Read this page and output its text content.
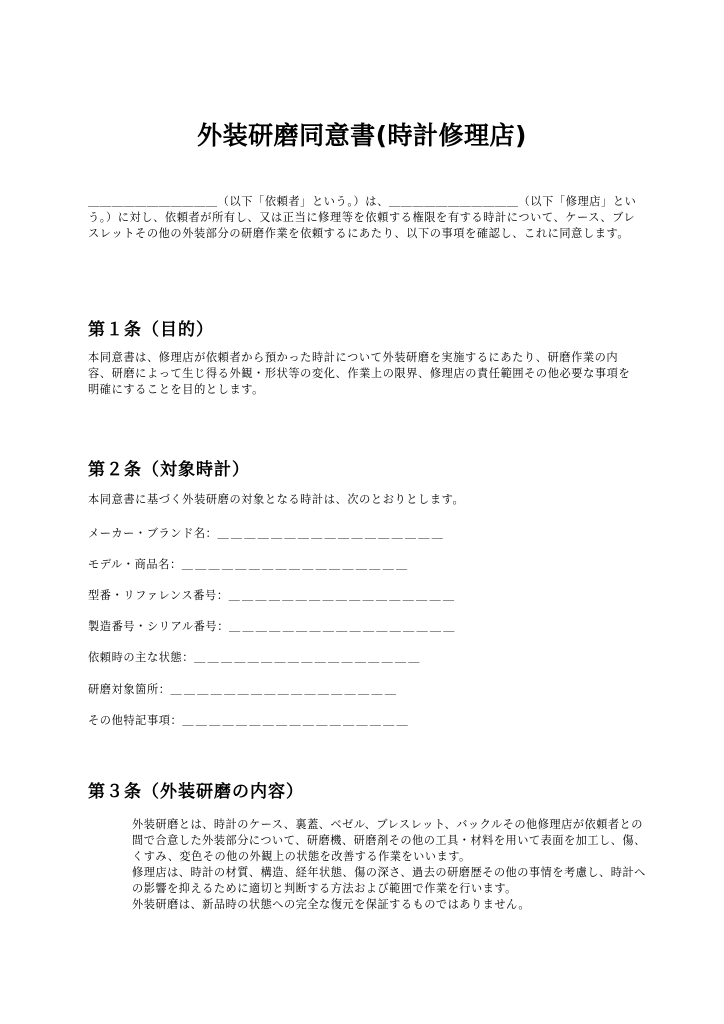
外装研磨同意書(時計修理店)

＿＿＿＿＿＿＿＿＿＿＿（以下「依頼者」という。）は、＿＿＿＿＿＿＿＿＿＿＿（以下「修理店」という。）に対し、依頼者が所有し、又は正当に修理等を依頼する権限を有する時計について、ケース、ブレスレットその他の外装部分の研磨作業を依頼するにあたり、以下の事項を確認し、これに同意します。

第１条（目的）

本同意書は、修理店が依頼者から預かった時計について外装研磨を実施するにあたり、研磨作業の内容、研磨によって生じ得る外観・形状等の変化、作業上の限界、修理店の責任範囲その他必要な事項を明確にすることを目的とします。

第２条（対象時計）

本同意書に基づく外装研磨の対象となる時計は、次のとおりとします。

メーカー・ブランド名：＿＿＿＿＿＿＿＿＿＿＿＿＿＿＿＿＿

モデル・商品名：＿＿＿＿＿＿＿＿＿＿＿＿＿＿＿＿＿

型番・リファレンス番号：＿＿＿＿＿＿＿＿＿＿＿＿＿＿＿＿＿

製造番号・シリアル番号：＿＿＿＿＿＿＿＿＿＿＿＿＿＿＿＿＿

依頼時の主な状態：＿＿＿＿＿＿＿＿＿＿＿＿＿＿＿＿＿

研磨対象箇所：＿＿＿＿＿＿＿＿＿＿＿＿＿＿＿＿＿

その他特記事項：＿＿＿＿＿＿＿＿＿＿＿＿＿＿＿＿＿

第３条（外装研磨の内容）

外装研磨とは、時計のケース、裏蓋、ベゼル、ブレスレット、バックルその他修理店が依頼者との間で合意した外装部分について、研磨機、研磨剤その他の工具・材料を用いて表面を加工し、傷、くすみ、変色その他の外観上の状態を改善する作業をいいます。

修理店は、時計の材質、構造、経年状態、傷の深さ、過去の研磨歴その他の事情を考慮し、時計への影響を抑えるために適切と判断する方法および範囲で作業を行います。

外装研磨は、新品時の状態への完全な復元を保証するものではありません。
